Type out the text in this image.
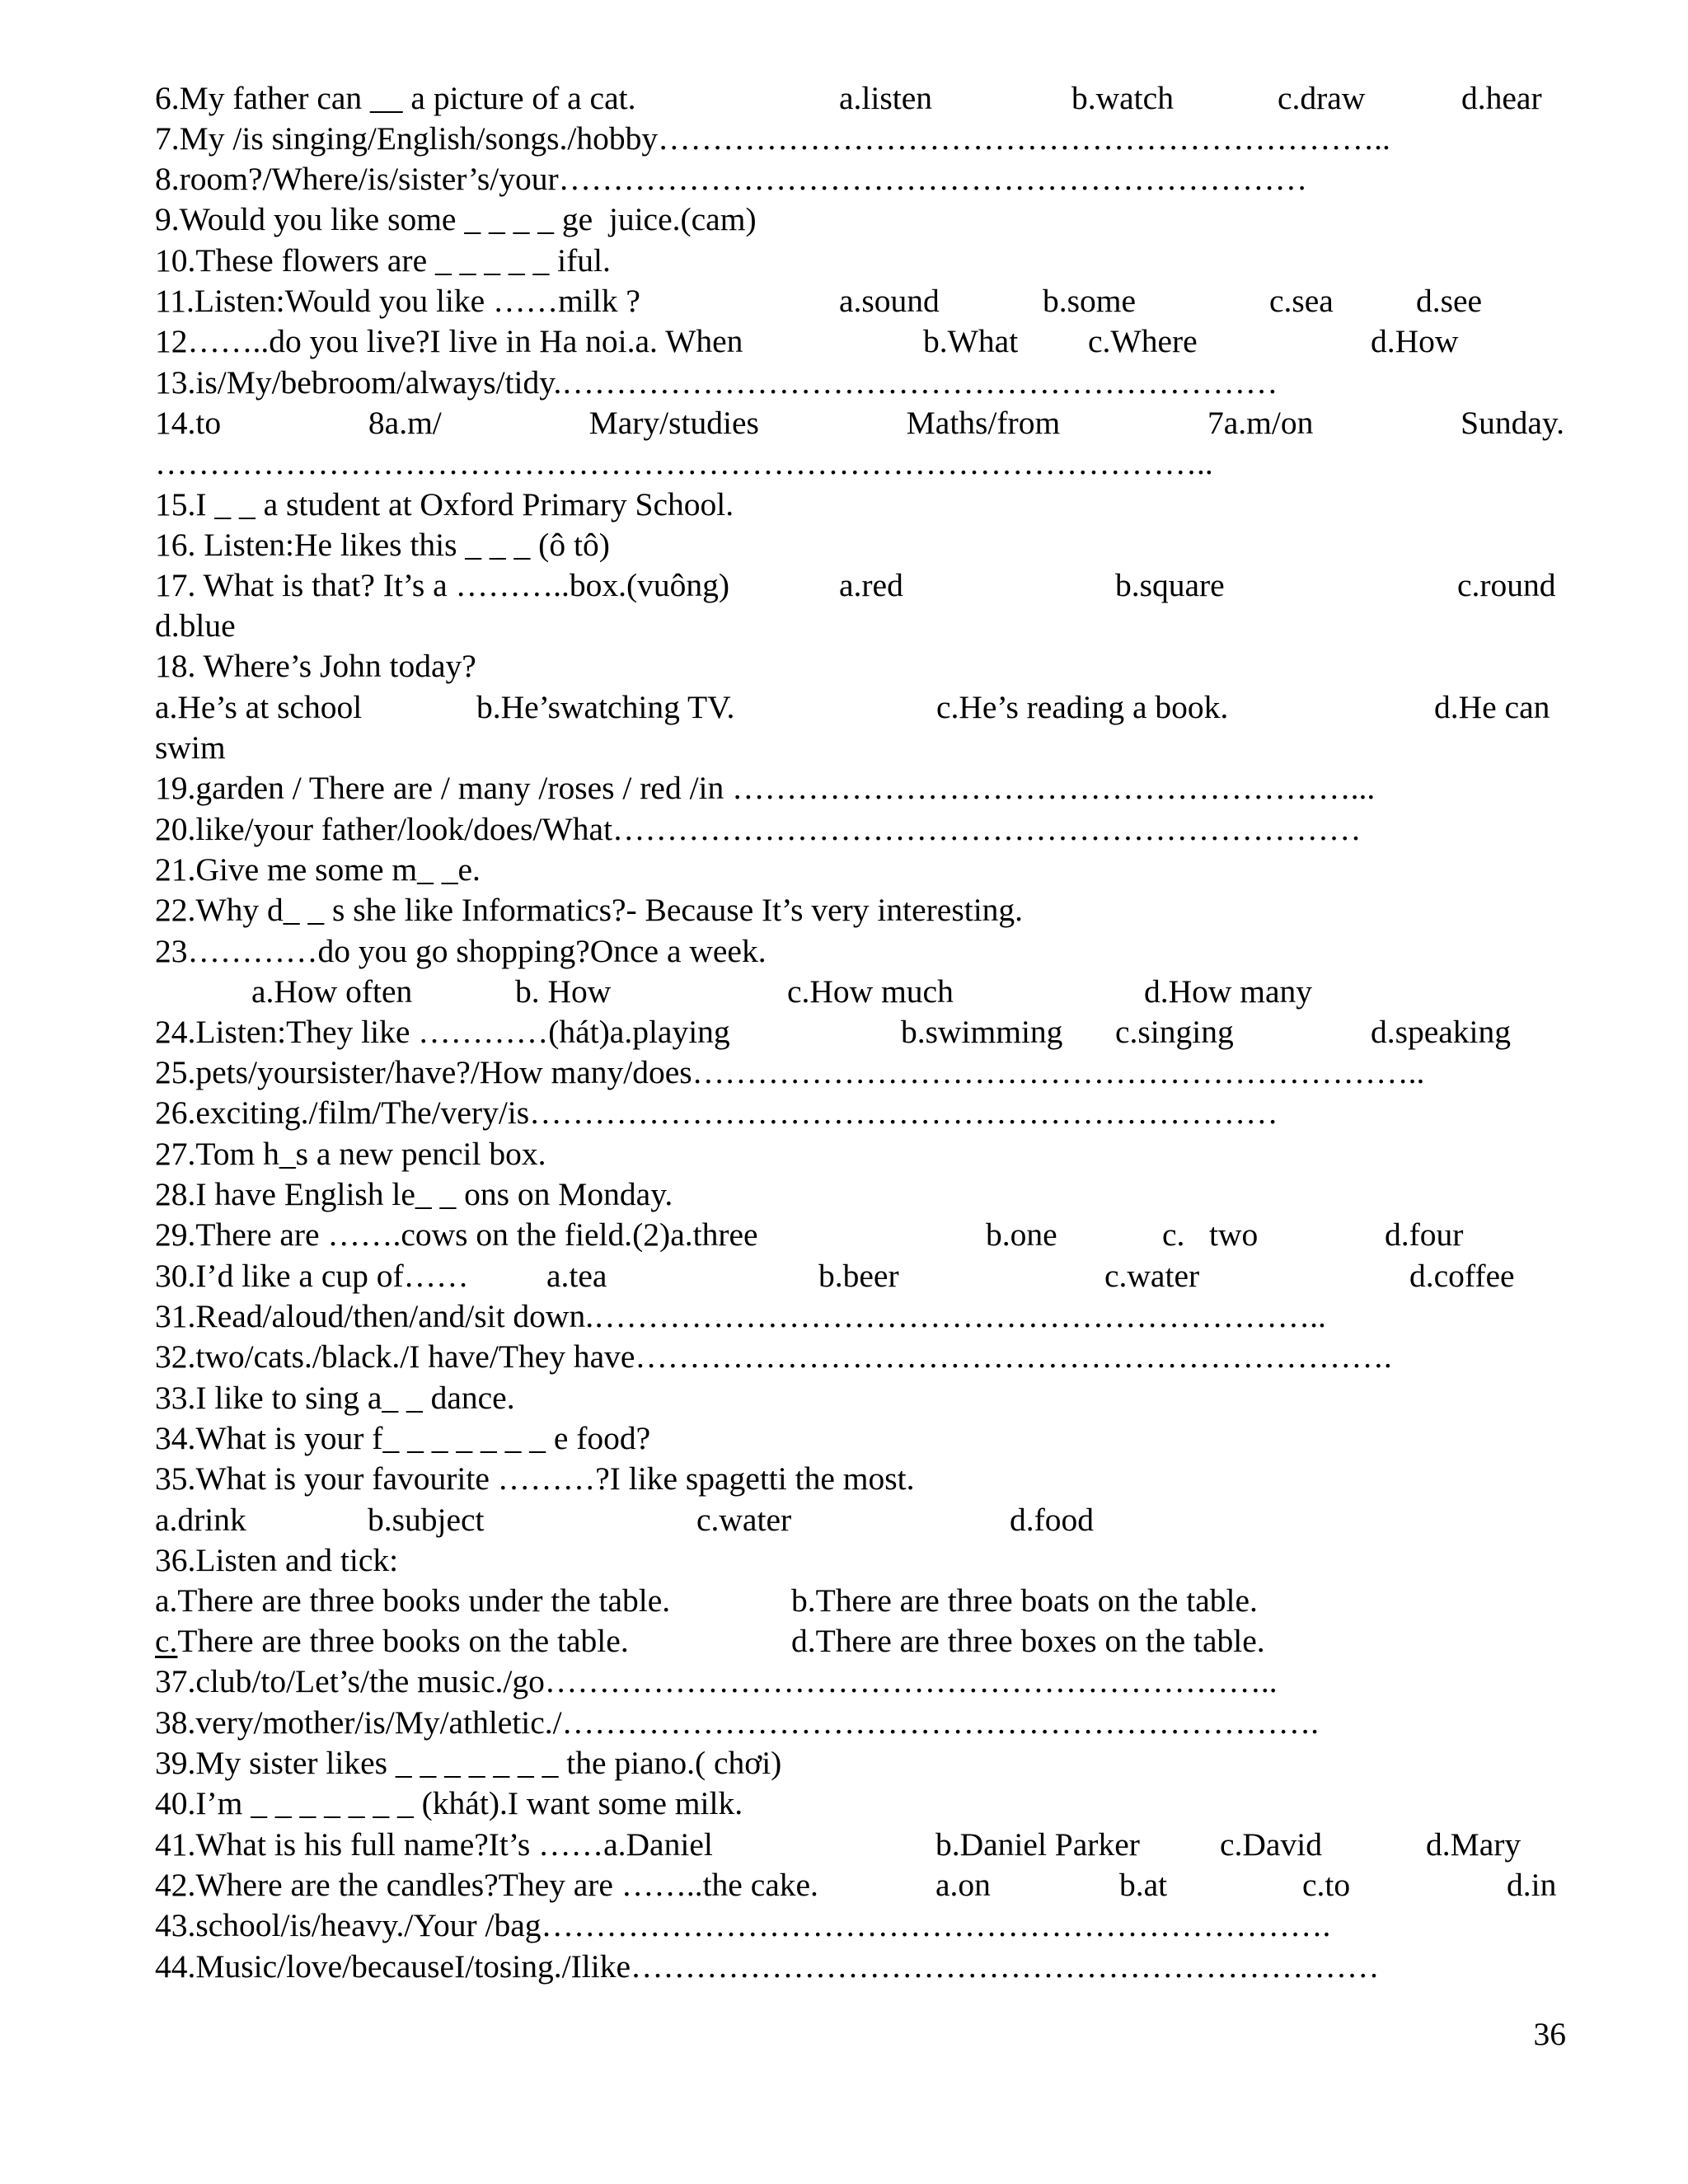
6.My father can __ a picture of a cat.

	a.listen

	b.watch

	c.draw

	d.hear

7.My /is singing/English/songs./hobby…………………………………………………………..

8.room?/Where/is/sister’s/your……………………………………………………………

9.Would you like some _ _ _ _ ge  juice.(cam)

10.These flowers are _ _ _ _ _ iful.

11.Listen:Would you like ……milk ?

	a.sound

	b.some

	c.sea

	d.see

12……..do you live?I live in Ha noi.a. When

	b.What

c.Where

	d.How

13.is/My/bebroom/always/tidy.…………………………………………………………

14.to	8a.m/	Mary/studies	Maths/from	7a.m/on	Sunday.

……………………………………………………………………………………..

15.I _ _ a student at Oxford Primary School.

16. Listen:He likes this _ _ _ (ô tô)

17. What is that? It’s a ………..box.(vuông)

	a.red

	b.square

	c.round

d.blue

18. Where’s John today?

a.He’s at school

	b.He’swatching TV.

	c.He’s reading a book.

	d.He can

swim

19.garden / There are / many /roses / red /in …………………………………………………...

20.like/your father/look/does/What……………………………………………………………

21.Give me some m_ _e.

22.Why d_ _ s she like Informatics?- Because It’s very interesting.

23…………do you go shopping?Once a week.

a.How often

	b. How

	c.How much

	d.How many

24.Listen:They like …………(hát)a.playing

	b.swimming

c.singing

	d.speaking

25.pets/yoursister/have?/How many/does…………………………………………………………..

26.exciting./film/The/very/is……………………………………………………………

27.Tom h_s a new pencil box.

28.I have English le_ _ ons on Monday.

29.There are …….cows on the field.(2)a.three

	b.one

	c.   two

	d.four

30.I’d like a cup of……

a.tea

	b.beer

	c.water

	d.coffee

31.Read/aloud/then/and/sit down.…………………………………………………………..

32.two/cats./black./I have/They have…………………………………………………………….

33.I like to sing a_ _ dance.

34.What is your f_ _ _ _ _ _ _ e food?

35.What is your favourite ………?I like spagetti the most.

a.drink

	b.subject

	c.water

	d.food

36.Listen and tick:

a.There are three books under the table.

	b.There are three boats on the table.

c.There are three books on the table.

	d.There are three boxes on the table.

37.club/to/Let’s/the music./go…………………………………………………………..

38.very/mother/is/My/athletic./…………………………………………………………….

39.My sister likes _ _ _ _ _ _ _ the piano.( chơi)

40.I’m _ _ _ _ _ _ _ (khát).I want some milk.

41.What is his full name?It’s ……a.Daniel

	b.Daniel Parker

c.David

	d.Mary

42.Where are the candles?They are ……..the cake.

	a.on

	b.at

	c.to

	d.in

43.school/is/heavy./Your /bag……………………………………………………………….

44.Music/love/becauseI/tosing./Ilike……………………………………………………………

36
